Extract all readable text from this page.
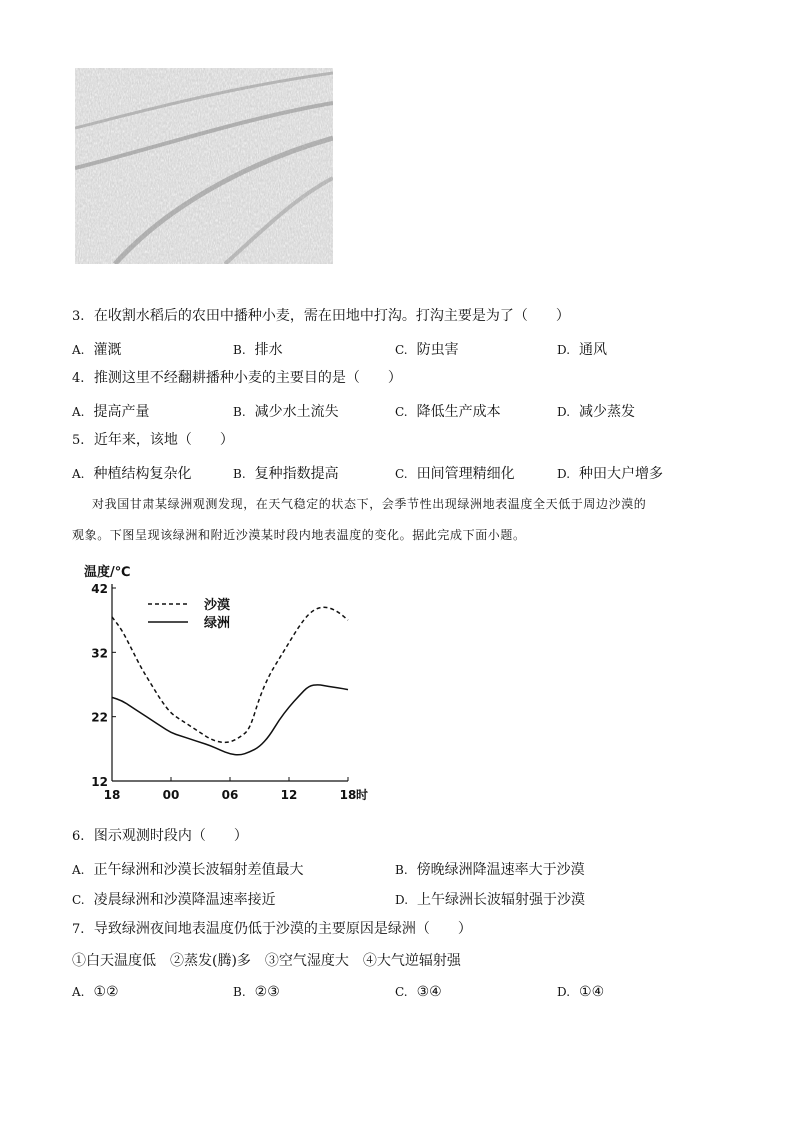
3. 在收割水稻后的农田中播种小麦，需在田地中打沟。打沟主要是为了（　　）
A. 灌溉	B. 排水	C. 防虫害	D. 通风
4. 推测这里不经翻耕播种小麦的主要目的是（　　）
A. 提高产量	B. 减少水土流失	C. 降低生产成本	D. 减少蒸发
5. 近年来，该地（　　）
A. 种植结构复杂化	B. 复种指数提高	C. 田间管理精细化	D. 种田大户增多
对我国甘肃某绿洲观测发现，在天气稳定的状态下，会季节性出现绿洲地表温度全天低于周边沙漠的
观象。下图呈现该绿洲和附近沙漠某时段内地表温度的变化。据此完成下面小题。
温度/℃
12
22
32
42
18	00	06	12	18 时
沙漠
绿洲
6. 图示观测时段内（　　）
A. 正午绿洲和沙漠长波辐射差值最大	B. 傍晚绿洲降温速率大于沙漠
C. 凌晨绿洲和沙漠降温速率接近	D. 上午绿洲长波辐射强于沙漠
7. 导致绿洲夜间地表温度仍低于沙漠的主要原因是绿洲（　　）
①白天温度低　②蒸发(腾)多　③空气湿度大　④大气逆辐射强
A. ①②	B. ②③	C. ③④	D. ①④
